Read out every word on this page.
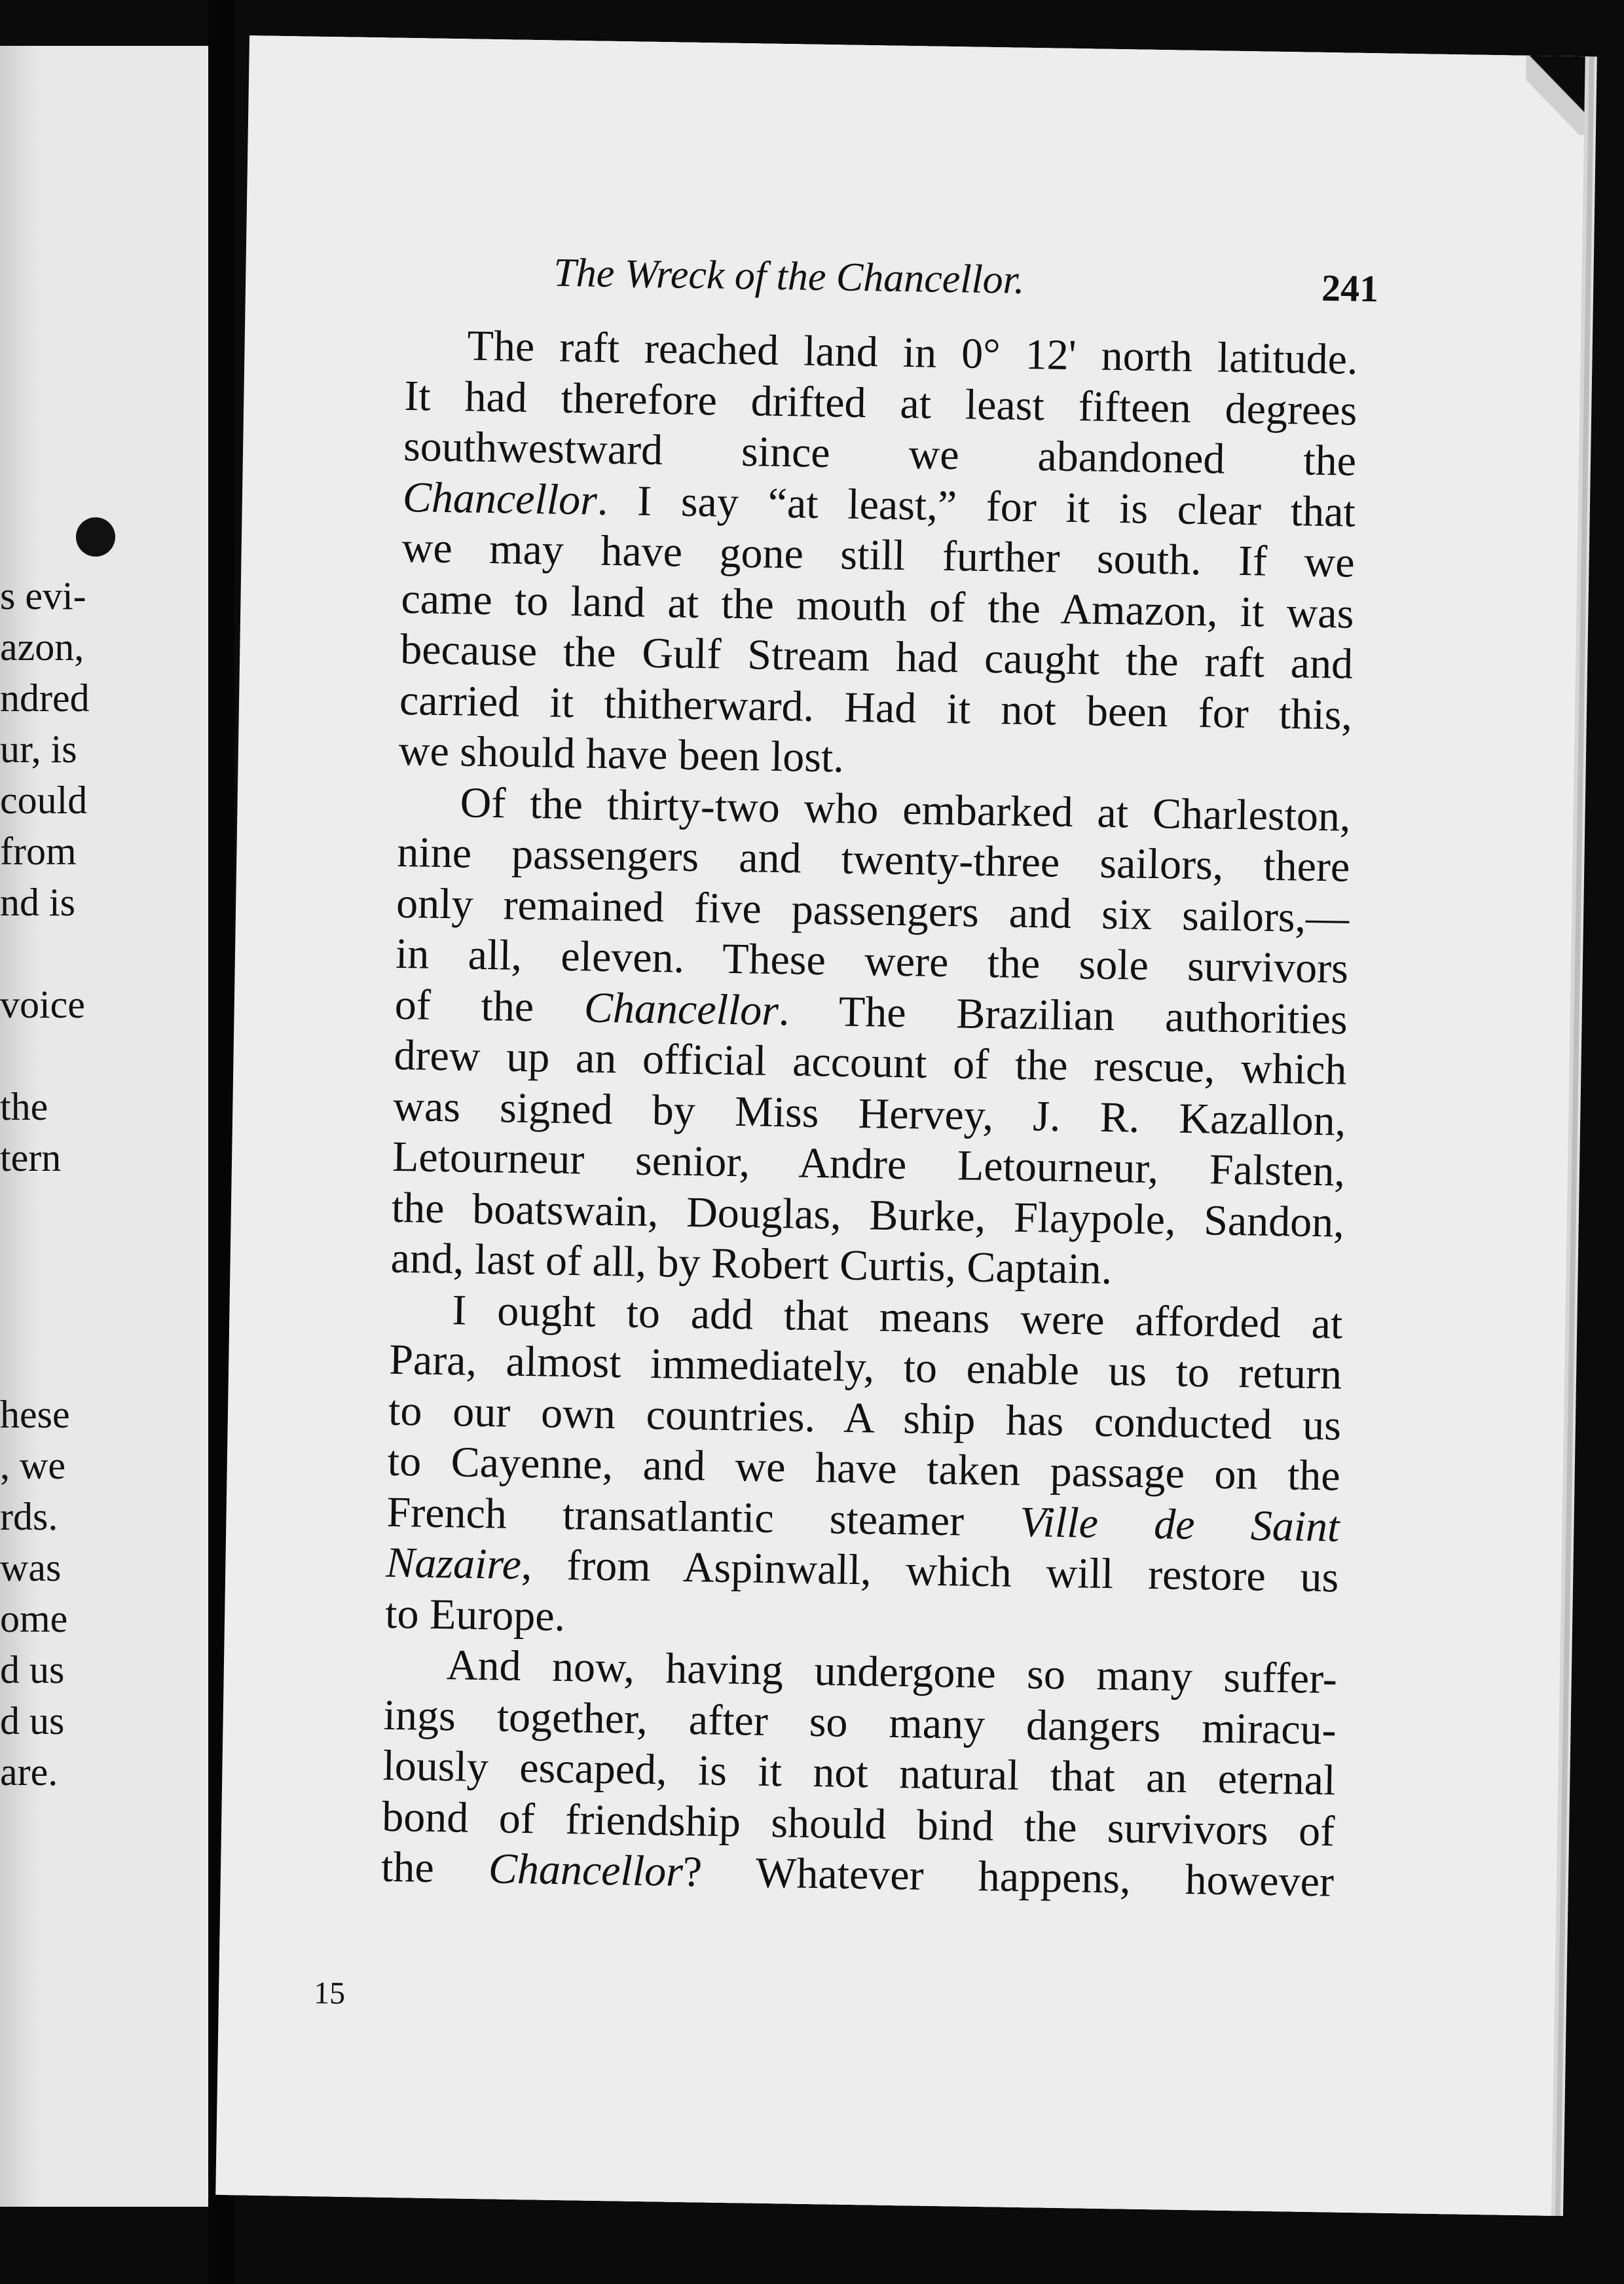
s evi-
azon,
ndred
ur, is
could
from
nd is
voice
the
tern
hese
, we
rds.
was
ome
d us
d us
are.
The Wreck of the Chancellor.	241
The raft reached land in 0° 12' north latitude.
It had therefore drifted at least fifteen degrees
southwestward since we abandoned the
Chancellor. I say “at least,” for it is clear that
we may have gone still further south. If we
came to land at the mouth of the Amazon, it was
because the Gulf Stream had caught the raft and
carried it thitherward. Had it not been for this,
we should have been lost.
Of the thirty-two who embarked at Charleston,
nine passengers and twenty-three sailors, there
only remained five passengers and six sailors,—
in all, eleven. These were the sole survivors
of the Chancellor. The Brazilian authorities
drew up an official account of the rescue, which
was signed by Miss Hervey, J. R. Kazallon,
Letourneur senior, Andre Letourneur, Falsten,
the boatswain, Douglas, Burke, Flaypole, Sandon,
and, last of all, by Robert Curtis, Captain.
I ought to add that means were afforded at
Para, almost immediately, to enable us to return
to our own countries. A ship has conducted us
to Cayenne, and we have taken passage on the
French transatlantic steamer Ville de Saint
Nazaire, from Aspinwall, which will restore us
to Europe.
And now, having undergone so many suffer-
ings together, after so many dangers miracu-
lously escaped, is it not natural that an eternal
bond of friendship should bind the survivors of
the Chancellor? Whatever happens, however
15
